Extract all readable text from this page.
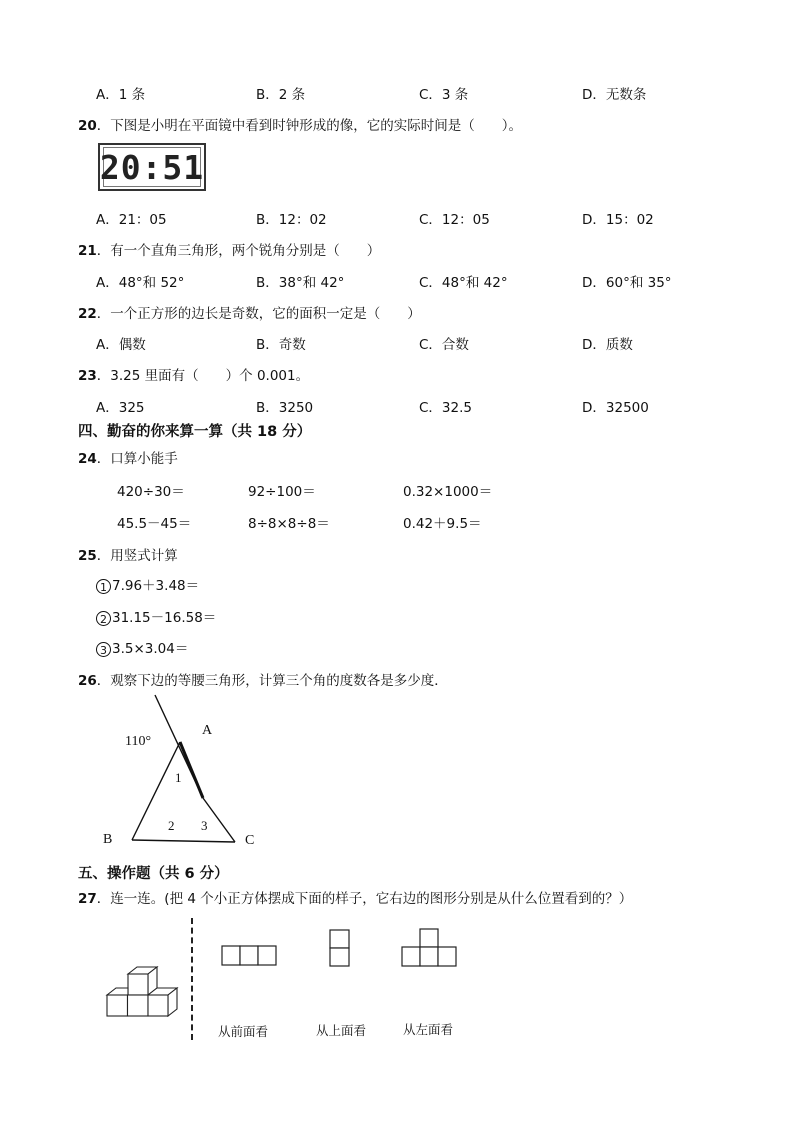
A．1 条	B．2 条	C．3 条	D．无数条
20．下图是小明在平面镜中看到时钟形成的像，它的实际时间是（　　）。
20:51
A．21：05	B．12：02	C．12：05	D．15：02
21．有一个直角三角形，两个锐角分别是（　　）
A．48°和 52°	B．38°和 42°	C．48°和 42°	D．60°和 35°
22．一个正方形的边长是奇数，它的面积一定是（　　）
A．偶数	B．奇数	C．合数	D．质数
23．3.25 里面有（　　）个 0.001。
A．325	B．3250	C．32.5	D．32500
四、勤奋的你来算一算（共 18 分）
24．口算小能手
420÷30＝	92÷100＝	0.32×1000＝
45.5－45＝	8÷8×8÷8＝	0.42＋9.5＝
25．用竖式计算
1 7.96＋3.48＝
2 31.15－16.58＝
3 3.5×3.04＝
26．观察下边的等腰三角形，计算三个角的度数各是多少度．
110°
A
B	C
1
2 3
五、操作题（共 6 分）
27．连一连。(把 4 个小正方体摆成下面的样子，它右边的图形分别是从什么位置看到的？）
从前面看	从上面看	从左面看
